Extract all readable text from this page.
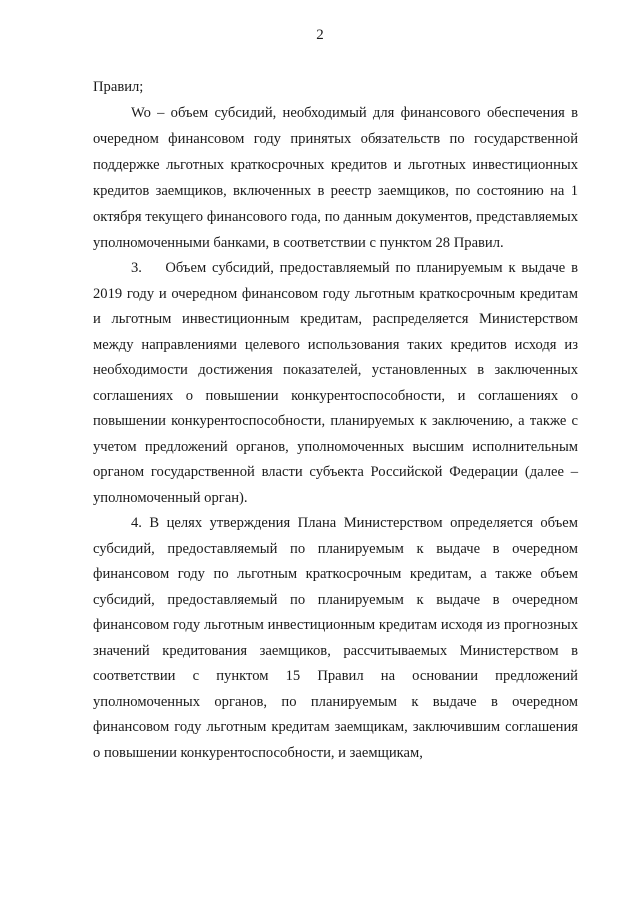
2

Правил;

Wo – объем субсидий, необходимый для финансового обеспечения в очередном финансовом году принятых обязательств по государственной поддержке льготных краткосрочных кредитов и льготных инвестиционных кредитов заемщиков, включенных в реестр заемщиков, по состоянию на 1 октября текущего финансового года, по данным документов, представляемых уполномоченными банками, в соответствии с пунктом 28 Правил.

3.    Объем субсидий, предоставляемый по планируемым к выдаче в 2019 году и очередном финансовом году льготным краткосрочным кредитам и льготным инвестиционным кредитам, распределяется Министерством между направлениями целевого использования таких кредитов исходя из необходимости достижения показателей, установленных в заключенных соглашениях о повышении конкурентоспособности, и соглашениях о повышении конкурентоспособности, планируемых к заключению, а также с учетом предложений органов, уполномоченных высшим исполнительным органом государственной власти субъекта Российской Федерации (далее – уполномоченный орган).

4. В целях утверждения Плана Министерством определяется объем субсидий, предоставляемый по планируемым к выдаче в очередном финансовом году по льготным краткосрочным кредитам, а также объем субсидий, предоставляемый по планируемым к выдаче в очередном финансовом году льготным инвестиционным кредитам исходя из прогнозных значений кредитования заемщиков, рассчитываемых Министерством в соответствии с пунктом 15 Правил на основании предложений уполномоченных органов, по планируемым к выдаче в очередном финансовом году льготным кредитам заемщикам, заключившим соглашения о повышении конкурентоспособности, и заемщикам,
